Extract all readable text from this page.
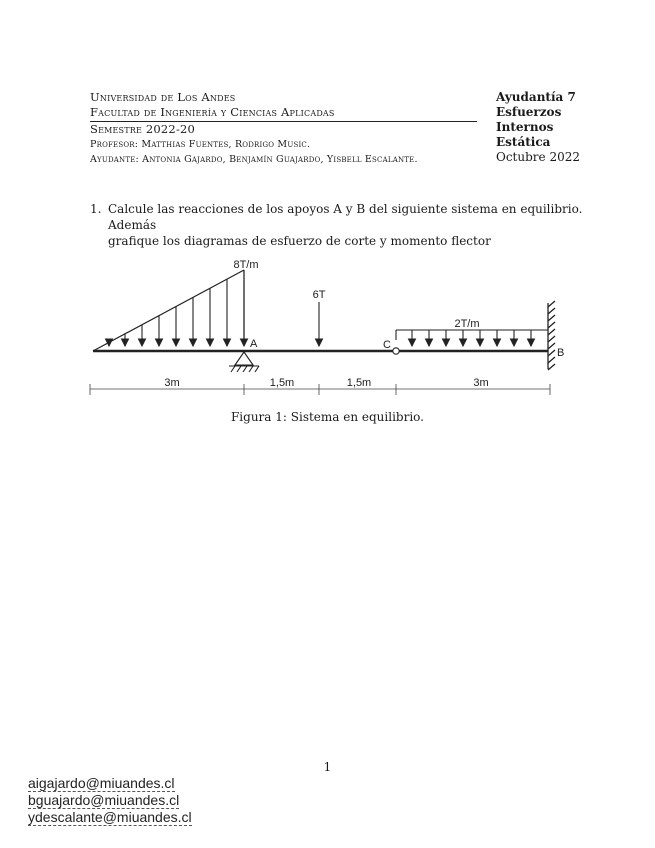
Universidad de Los Andes
Facultad de Ingeniería y Ciencias Aplicadas
Semestre 2022-20
Profesor: Matthias Fuentes, Rodrigo Music.
Ayudante: Antonia Gajardo, Benjamín Guajardo, Yisbell Escalante.
Ayudantía 7
Esfuerzos
Internos
Estática
Octubre 2022
1. Calcule las reacciones de los apoyos A y B del siguiente sistema en equilibrio. Además
grafique los diagramas de esfuerzo de corte y momento flector
8T/m
A
6T
2T/m
C
B
3m	1,5m	1,5m	3m
Figura 1: Sistema en equilibrio.
1
aigajardo@miuandes.cl
bguajardo@miuandes.cl
ydescalante@miuandes.cl
